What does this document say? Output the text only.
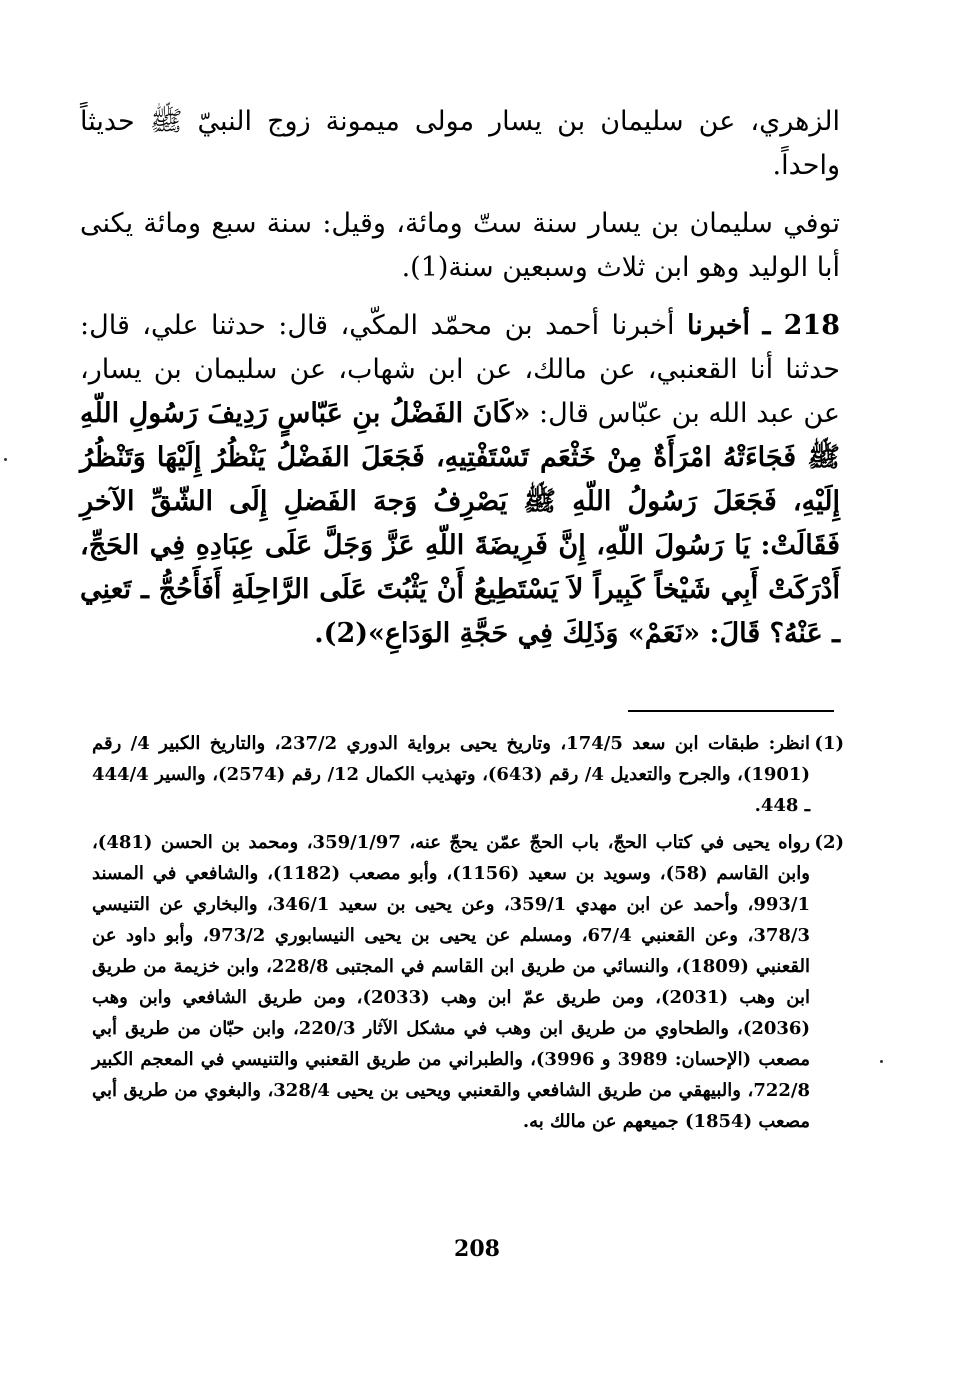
الزهري، عن سليمان بن يسار مولى ميمونة زوج النبيّ ﷺ حديثاً واحداً.

توفي سليمان بن يسار سنة ستّ ومائة، وقيل: سنة سبع ومائة يكنى أبا الوليد وهو ابن ثلاث وسبعين سنة(1).

218 ـ أخبرنا أخبرنا أحمد بن محمّد المكّي، قال: حدثنا علي، قال: حدثنا أنا القعنبي، عن مالك، عن ابن شهاب، عن سليمان بن يسار، عن عبد الله بن عبّاس قال: «كَانَ الفَضْلُ بنِ عَبّاسٍ رَدِيفَ رَسُولِ اللّهِ ﷺ فَجَاءَتْهُ امْرَأَةٌ مِنْ خَثْعَم تَسْتَفْتِيهِ، فَجَعَلَ الفَضْلُ يَنْظُرُ إِلَيْهَا وَتَنْظُرُ إِلَيْهِ، فَجَعَلَ رَسُولُ اللّهِ ﷺ يَصْرِفُ وَجهَ الفَضلِ إِلَى الشّقِّ الآخرِ فَقَالَتْ: يَا رَسُولَ اللّهِ، إِنَّ فَرِيضَةَ اللّهِ عَزَّ وَجَلَّ عَلَى عِبَادِهِ فِي الحَجِّ، أَدْرَكَتْ أَبِي شَيْخاً كَبِيراً لاَ يَسْتَطِيعُ أَنْ يَثْبُتَ عَلَى الرَّاحِلَةِ أَفَأَحُجُّ ـ تَعنِي ـ عَنْهُ؟ قَالَ: «نَعَمْ» وَذَلِكَ فِي حَجَّةِ الوَدَاعِ»(2).

(1)
انظر: طبقات ابن سعد 174/5، وتاريخ يحيى برواية الدوري 237/2، والتاريخ الكبير 4/ رقم (1901)، والجرح والتعديل 4/ رقم (643)، وتهذيب الكمال 12/ رقم (2574)، والسير 444/4 ـ 448.
(2)
رواه يحيى في كتاب الحجّ، باب الحجّ عمّن يحجّ عنه، 359/1/97، ومحمد بن الحسن (481)، وابن القاسم (58)، وسويد بن سعيد (1156)، وأبو مصعب (1182)، والشافعي في المسند 993/1، وأحمد عن ابن مهدي 359/1، وعن يحيى بن سعيد 346/1، والبخاري عن التنيسي 378/3، وعن القعنبي 67/4، ومسلم عن يحيى بن يحيى النيسابوري 973/2، وأبو داود عن القعنبي (1809)، والنسائي من طريق ابن القاسم في المجتبى 228/8، وابن خزيمة من طريق ابن وهب (2031)، ومن طريق عمّ ابن وهب (2033)، ومن طريق الشافعي وابن وهب (2036)، والطحاوي من طريق ابن وهب في مشكل الآثار 220/3، وابن حبّان من طريق أبي مصعب (الإحسان: 3989 و 3996)، والطبراني من طريق القعنبي والتنيسي في المعجم الكبير 722/8، والبيهقي من طريق الشافعي والقعنبي ويحيى بن يحيى 328/4، والبغوي من طريق أبي مصعب (1854) جميعهم عن مالك به.
208
